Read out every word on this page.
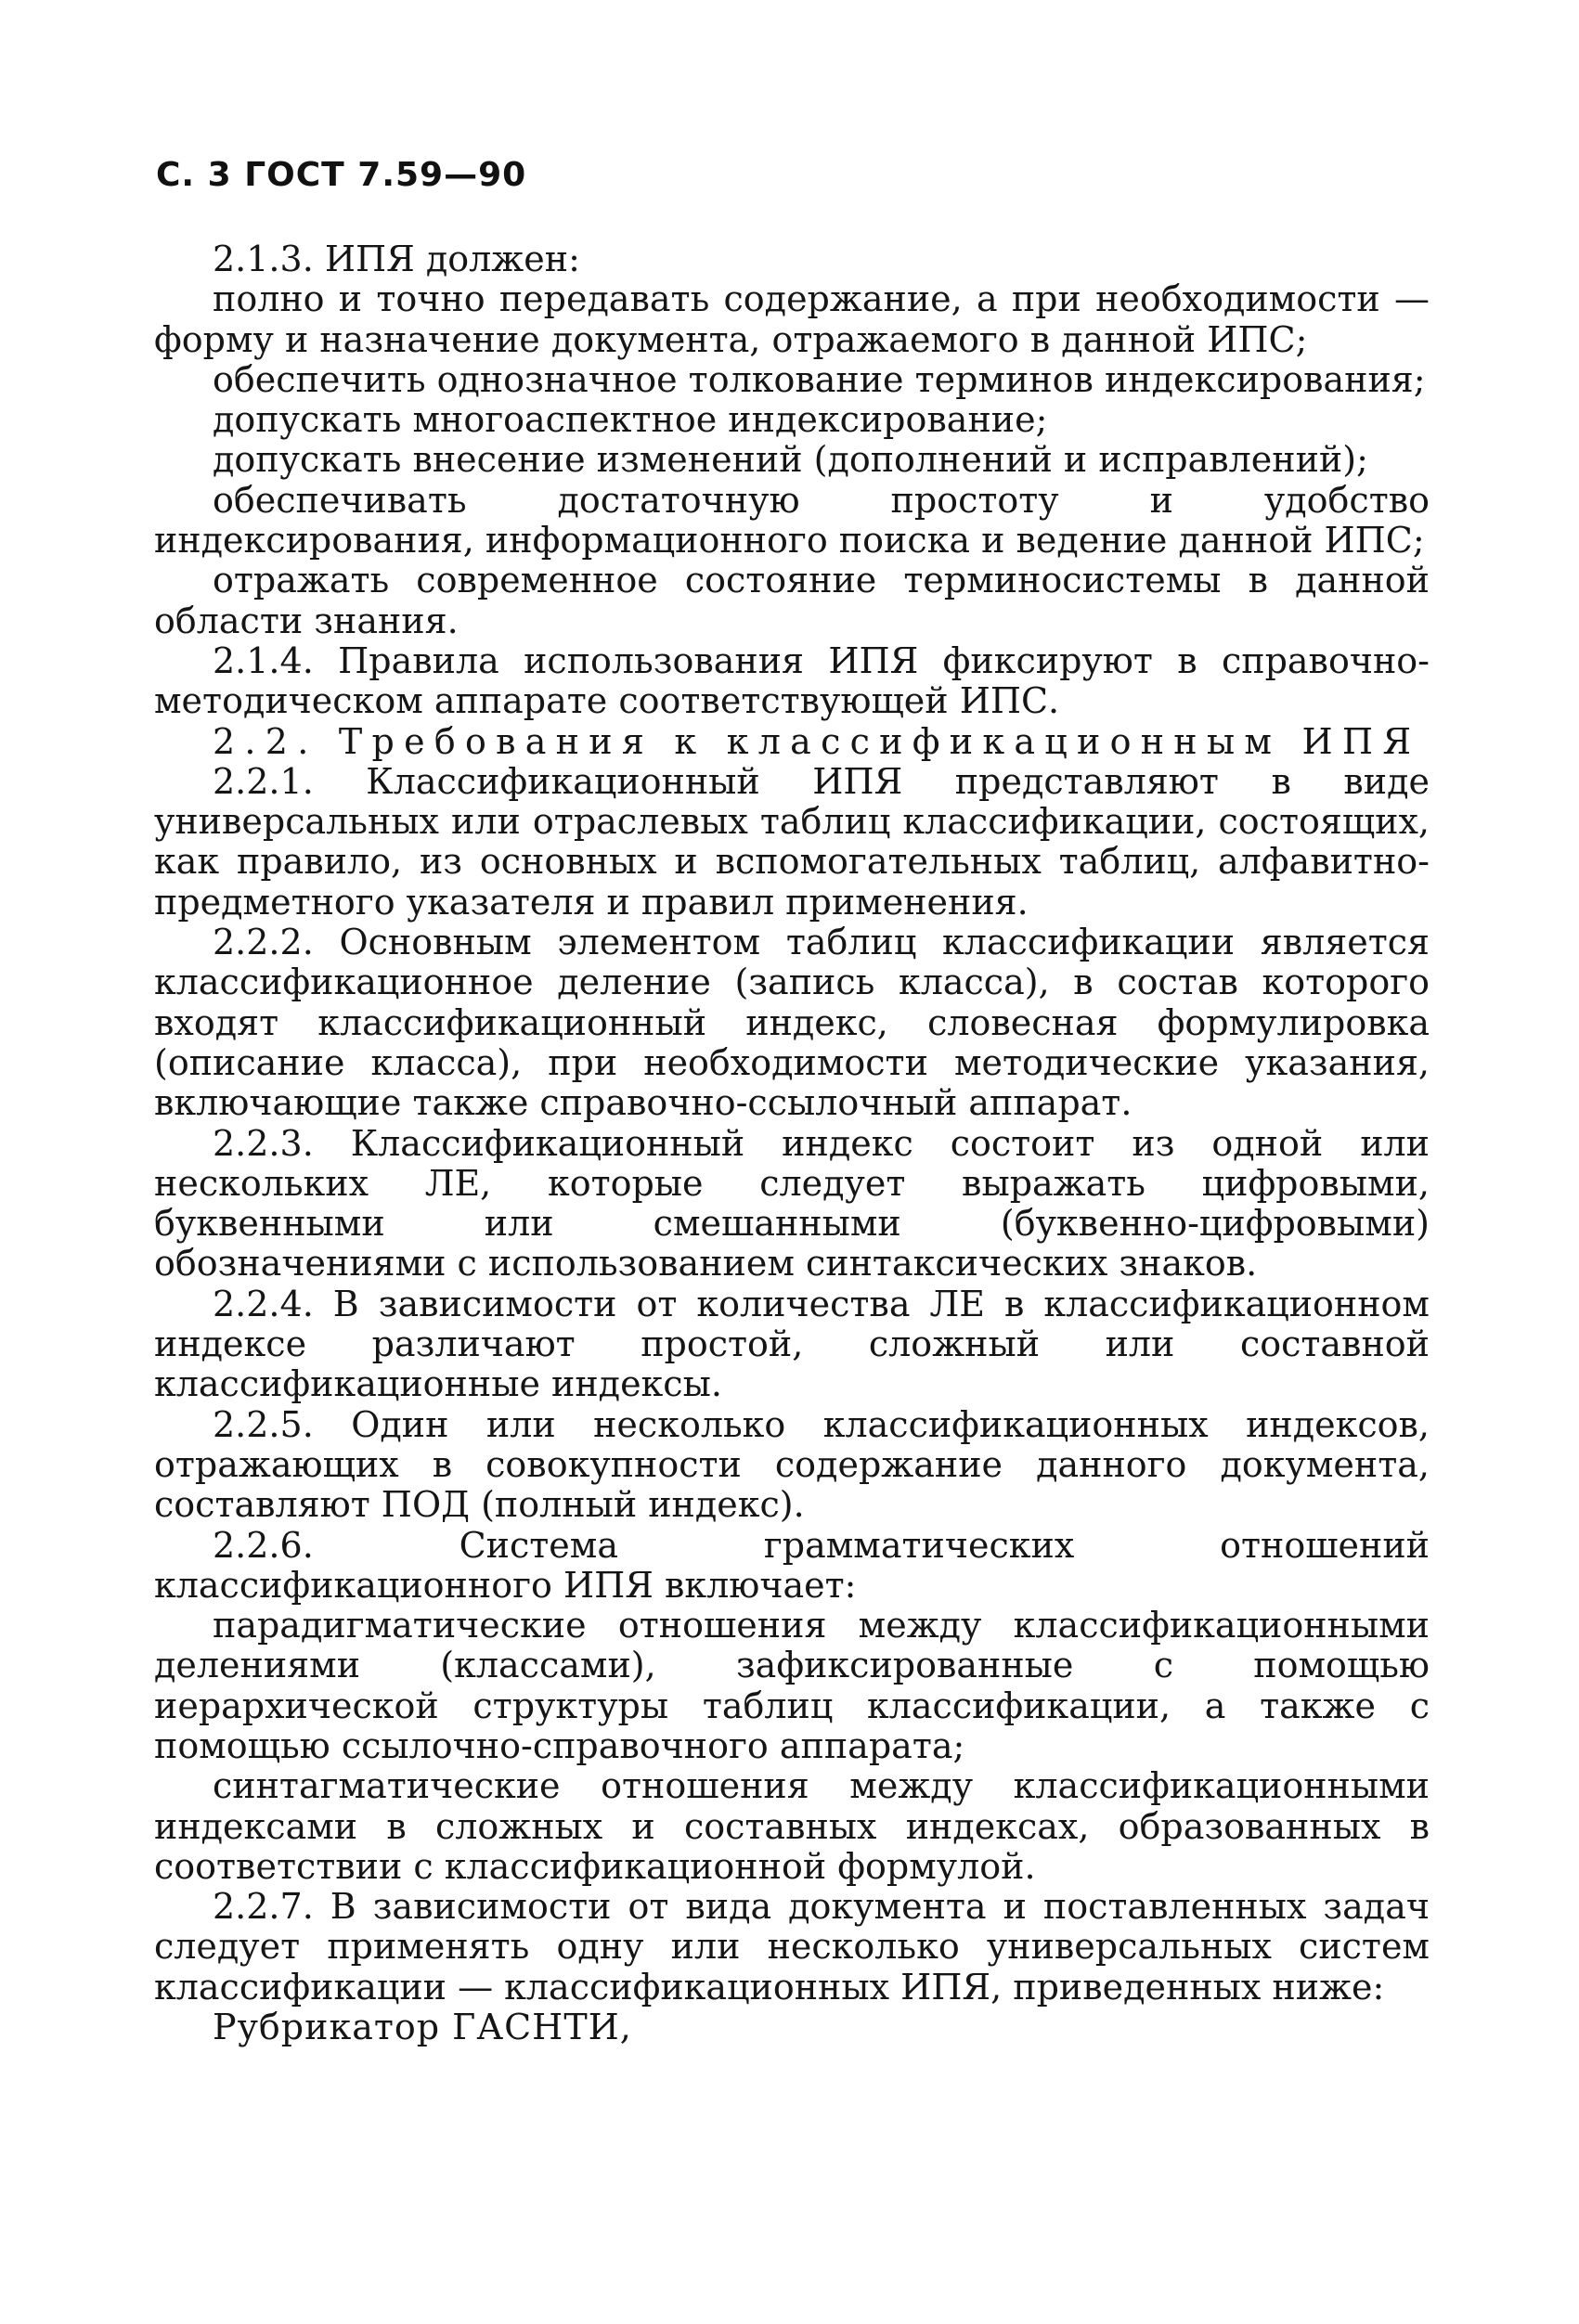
С. 3 ГОСТ 7.59—90

2.1.3. ИПЯ должен:

полно и точно передавать содержание, а при необходимости — форму и назначение документа, отражаемого в данной ИПС;

обеспечить однозначное толкование терминов индексирования;

допускать многоаспектное индексирование;

допускать внесение изменений (дополнений и исправлений);

обеспечивать достаточную простоту и удобство индексирования, информационного поиска и ведение данной ИПС;

отражать современное состояние терминосистемы в данной области знания.

2.1.4. Правила использования ИПЯ фиксируют в справочно-методическом аппарате соответствующей ИПС.

2.2. Требования к классификационным ИПЯ

2.2.1. Классификационный ИПЯ представляют в виде универсальных или отраслевых таблиц классификации, состоящих, как правило, из основных и вспомогательных таблиц, алфавитно-предметного указателя и правил применения.

2.2.2. Основным элементом таблиц классификации является классификационное деление (запись класса), в состав которого входят классификационный индекс, словесная формулировка (описание класса), при необходимости методические указания, включающие также справочно-ссылочный аппарат.

2.2.3. Классификационный индекс состоит из одной или нескольких ЛЕ, которые следует выражать цифровыми, буквенными или смешанными (буквенно-цифровыми) обозначениями с использованием синтаксических знаков.

2.2.4. В зависимости от количества ЛЕ в классификационном индексе различают простой, сложный или составной классификационные индексы.

2.2.5. Один или несколько классификационных индексов, отражающих в совокупности содержание данного документа, составляют ПОД (полный индекс).

2.2.6. Система грамматических отношений классификационного ИПЯ включает:

парадигматические отношения между классификационными делениями (классами), зафиксированные с помощью иерархической структуры таблиц классификации, а также с помощью ссылочно-справочного аппарата;

синтагматические отношения между классификационными индексами в сложных и составных индексах, образованных в соответствии с классификационной формулой.

2.2.7. В зависимости от вида документа и поставленных задач следует применять одну или несколько универсальных систем классификации — классификационных ИПЯ, приведенных ниже:

Рубрикатор ГАСНТИ,
